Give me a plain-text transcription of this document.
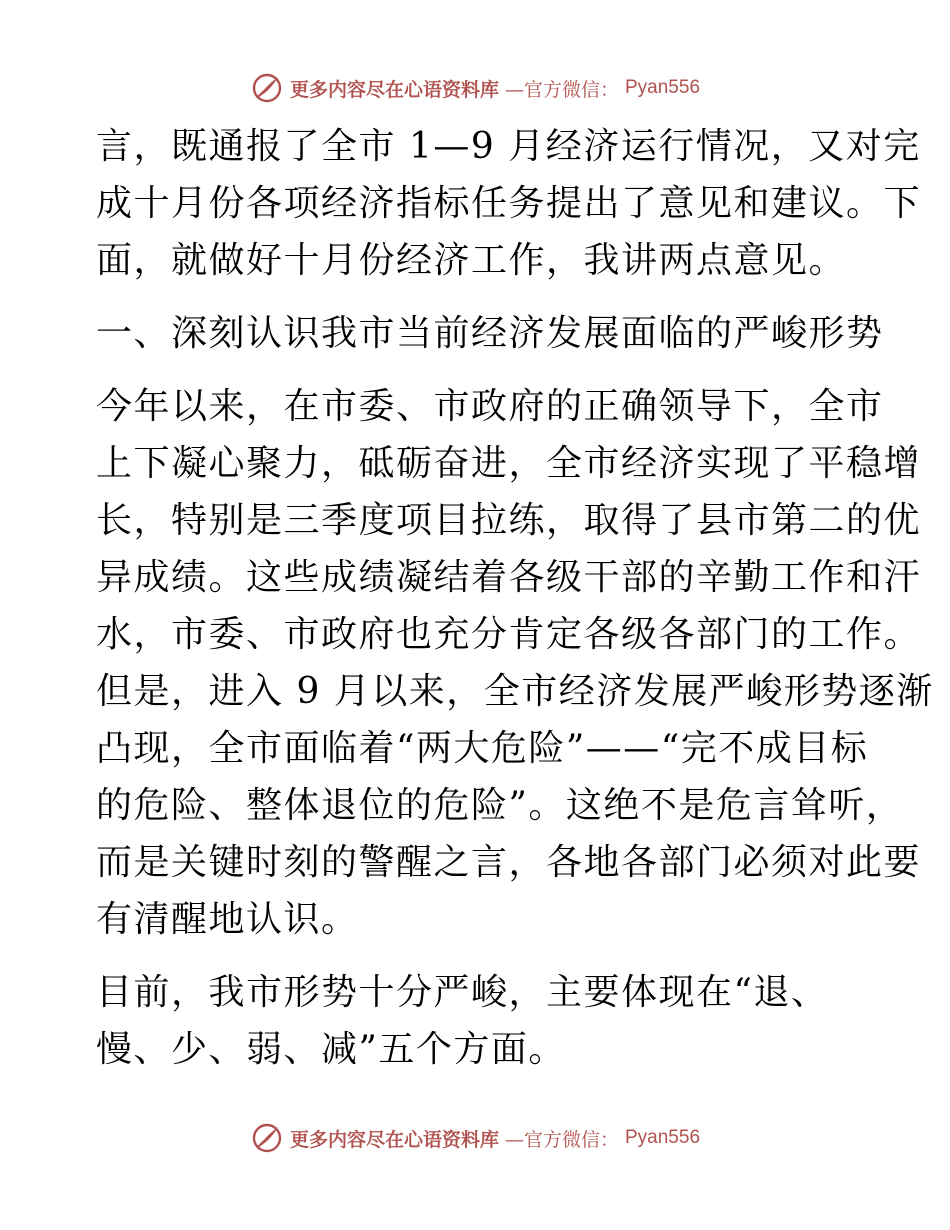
更多内容尽在心语资料库 —官方微信： Pyan556
言，既通报了全市 1—9 月经济运行情况，又对完
成十月份各项经济指标任务提出了意见和建议。下
面，就做好十月份经济工作，我讲两点意见。
一、深刻认识我市当前经济发展面临的严峻形势
今年以来，在市委、市政府的正确领导下，全市
上下凝心聚力，砥砺奋进，全市经济实现了平稳增
长，特别是三季度项目拉练，取得了县市第二的优
异成绩。这些成绩凝结着各级干部的辛勤工作和汗
水，市委、市政府也充分肯定各级各部门的工作。
但是，进入 9 月以来，全市经济发展严峻形势逐渐
凸现，全市面临着“两大危险”——“完不成目标
的危险、整体退位的危险”。这绝不是危言耸听，
而是关键时刻的警醒之言，各地各部门必须对此要
有清醒地认识。
目前，我市形势十分严峻，主要体现在“退、
慢、少、弱、减”五个方面。
更多内容尽在心语资料库 —官方微信： Pyan556
